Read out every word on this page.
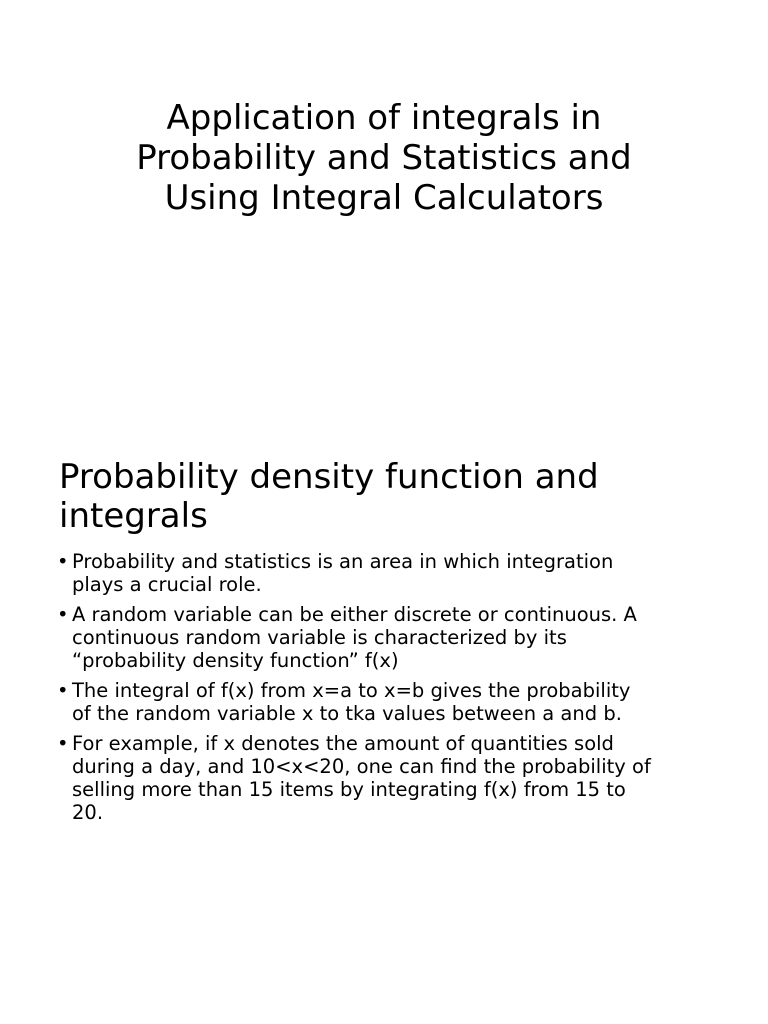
Application of integrals in
Probability and Statistics and
Using Integral Calculators
Probability density function and
integrals
• Probability and statistics is an area in which integration
plays a crucial role.
• A random variable can be either discrete or continuous. A
continuous random variable is characterized by its
“probability density function” f(x)
• The integral of f(x) from x=a to x=b gives the probability
of the random variable x to tka values between a and b.
• For example, if x denotes the amount of quantities sold
during a day, and 10<x<20, one can find the probability of
selling more than 15 items by integrating f(x) from 15 to
20.
